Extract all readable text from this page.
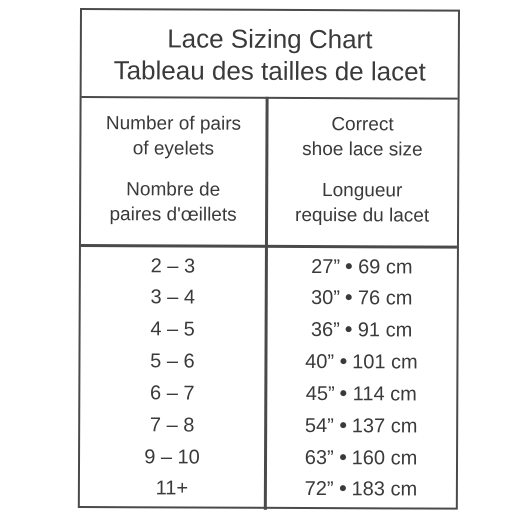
Lace Sizing Chart
Tableau des tailles de lacet
Number of pairs
of eyelets
Nombre de
paires d'œillets
Correct
shoe lace size
Longueur
requise du lacet
2 – 3	27” 69 cm
3 – 4	30” 76 cm
4 – 5	36” 91 cm
5 – 6	40” 101 cm
6 – 7	45” 114 cm
7 – 8	54” 137 cm
9 – 10	63” 160 cm
11+	72” 183 cm
